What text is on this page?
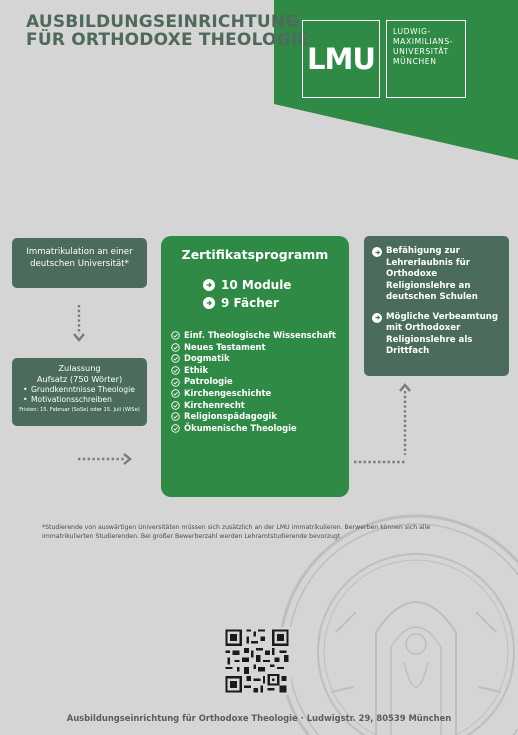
AUSBILDUNGSEINRICHTUNG
FÜR ORTHODOXE THEOLOGIE
LMU
LUDWIG-
MAXIMILIANS-
UNIVERSITÄT
MÜNCHEN
Immatrikulation an einer deutschen Universität*
Zulassung
Aufsatz (750 Wörter)
• Grundkenntnisse Theologie
• Motivationsschreiben
Fristen: 15. Februar (SoSe) oder 15. Juli (WiSe)
Zertifikatsprogramm
10 Module
9 Fächer
Einf. Theologische Wissenschaft
Neues Testament
Dogmatik
Ethik
Patrologie
Kirchengeschichte
Kirchenrecht
Religionspädagogik
Ökumenische Theologie
Befähigung zur Lehrerlaubnis für Orthodoxe Religionslehre an deutschen Schulen
Mögliche Verbeamtung mit Orthodoxer Religionslehre als Drittfach
*Studierende von auswärtigen Universitäten müssen sich zusätzlich an der LMU immatrikulieren. Berwerben können sich alle immatrikulierten Studierenden. Bei großer Bewerberzahl werden Lehramtstudierende bevorzugt
Ausbildungseinrichtung für Orthodoxe Theologie · Ludwigstr. 29, 80539 München
